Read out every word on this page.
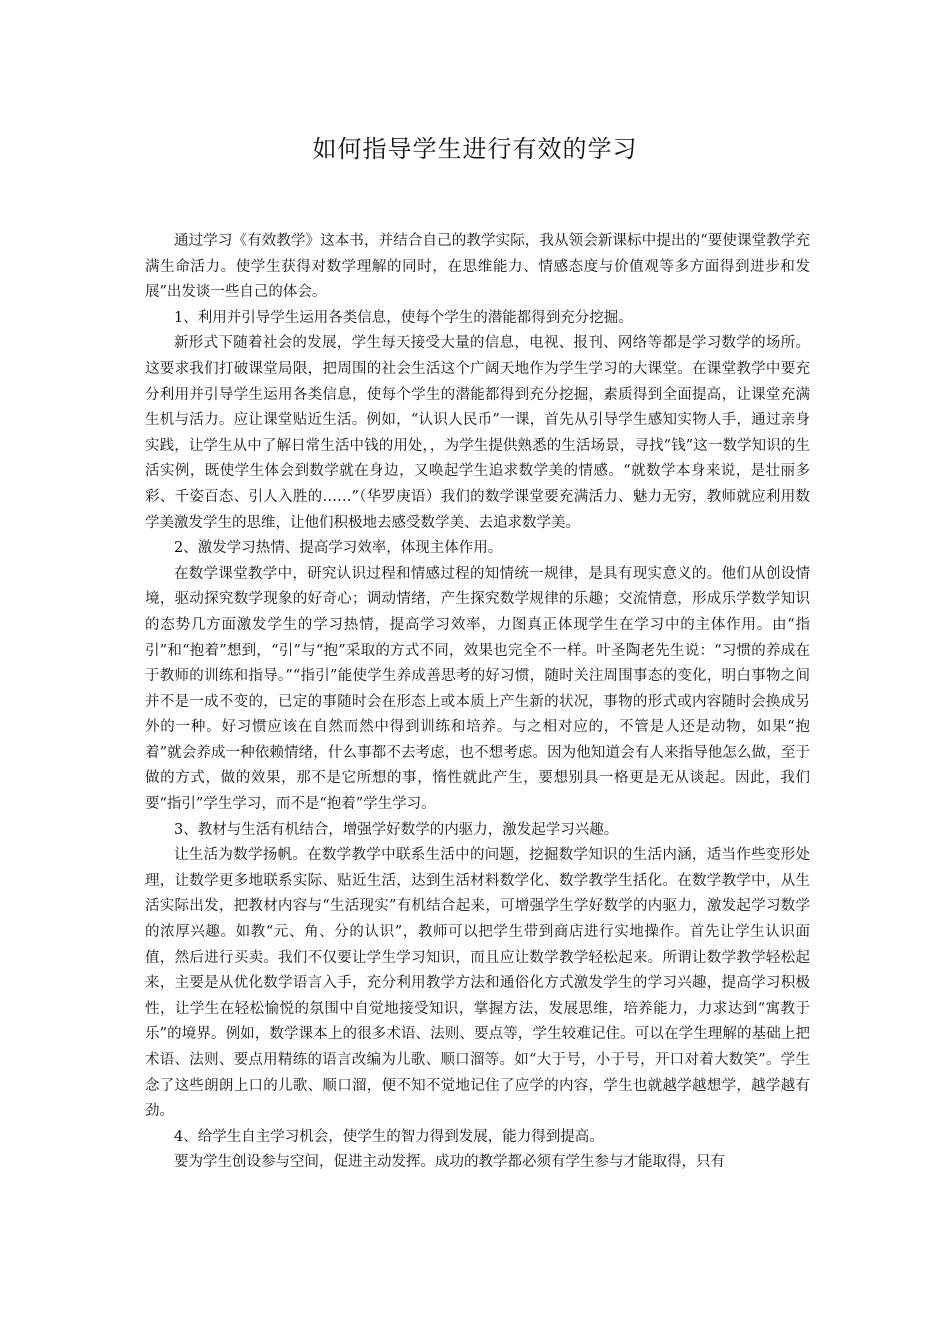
如何指导学生进行有效的学习

通过学习《有效教学》这本书，并结合自己的教学实际，我从领会新课标中提出的“要使课堂教学充满生命活力。使学生获得对数学理解的同时，在思维能力、情感态度与价值观等多方面得到进步和发展”出发谈一些自己的体会。

1、利用并引导学生运用各类信息，使每个学生的潜能都得到充分挖掘。

新形式下随着社会的发展，学生每天接受大量的信息，电视、报刊、网络等都是学习数学的场所。这要求我们打破课堂局限，把周围的社会生活这个广阔天地作为学生学习的大课堂。在课堂教学中要充分利用并引导学生运用各类信息，使每个学生的潜能都得到充分挖掘，素质得到全面提高，让课堂充满生机与活力。应让课堂贴近生活。例如，“认识人民币”一课，首先从引导学生感知实物人手，通过亲身实践，让学生从中了解日常生活中钱的用处，，为学生提供熟悉的生活场景，寻找“钱”这一数学知识的生活实例，既使学生体会到数学就在身边，又唤起学生追求数学美的情感。“就数学本身来说，是壮丽多彩、千姿百态、引人入胜的……”（华罗庚语）我们的数学课堂要充满活力、魅力无穷，教师就应利用数学美激发学生的思维，让他们积极地去感受数学美、去追求数学美。

2、激发学习热情、提高学习效率，体现主体作用。

在数学课堂教学中，研究认识过程和情感过程的知情统一规律，是具有现实意义的。他们从创设情境，驱动探究数学现象的好奇心；调动情绪，产生探究数学规律的乐趣；交流情意，形成乐学数学知识的态势几方面激发学生的学习热情，提高学习效率，力图真正体现学生在学习中的主体作用。由“指引”和“抱着”想到，“引”与“抱”采取的方式不同，效果也完全不一样。叶圣陶老先生说：“习惯的养成在于教师的训练和指导。”“指引”能使学生养成善思考的好习惯，随时关注周围事态的变化，明白事物之间并不是一成不变的，已定的事随时会在形态上或本质上产生新的状况，事物的形式或内容随时会换成另外的一种。好习惯应该在自然而然中得到训练和培养。与之相对应的，不管是人还是动物，如果“抱着”就会养成一种依赖情绪，什么事都不去考虑，也不想考虑。因为他知道会有人来指导他怎么做，至于做的方式，做的效果，那不是它所想的事，惰性就此产生，要想别具一格更是无从谈起。因此，我们要“指引”学生学习，而不是“抱着”学生学习。

3、教材与生活有机结合，增强学好数学的内驱力，激发起学习兴趣。

让生活为数学扬帆。在数学教学中联系生活中的问题，挖掘数学知识的生活内涵，适当作些变形处理，让数学更多地联系实际、贴近生活，达到生活材料数学化、数学教学生括化。在数学教学中，从生活实际出发，把教材内容与“生活现实”有机结合起来，可增强学生学好数学的内驱力，激发起学习数学的浓厚兴趣。如教“元、角、分的认识”，教师可以把学生带到商店进行实地操作。首先让学生认识面值，然后进行买卖。我们不仅要让学生学习知识，而且应让数学教学轻松起来。所谓让数学教学轻松起来，主要是从优化数学语言入手，充分利用教学方法和通俗化方式激发学生的学习兴趣，提高学习积极性，让学生在轻松愉悦的氛围中自觉地接受知识，掌握方法，发展思维，培养能力，力求达到“寓教于乐”的境界。例如，数学课本上的很多术语、法则、要点等，学生较难记住。可以在学生理解的基础上把术语、法则、要点用精练的语言改编为儿歌、顺口溜等。如“大于号，小于号，开口对着大数笑”。学生念了这些朗朗上口的儿歌、顺口溜，便不知不觉地记住了应学的内容，学生也就越学越想学，越学越有劲。

4、给学生自主学习机会，使学生的智力得到发展，能力得到提高。

要为学生创设参与空间，促进主动发挥。成功的教学都必须有学生参与才能取得，只有
